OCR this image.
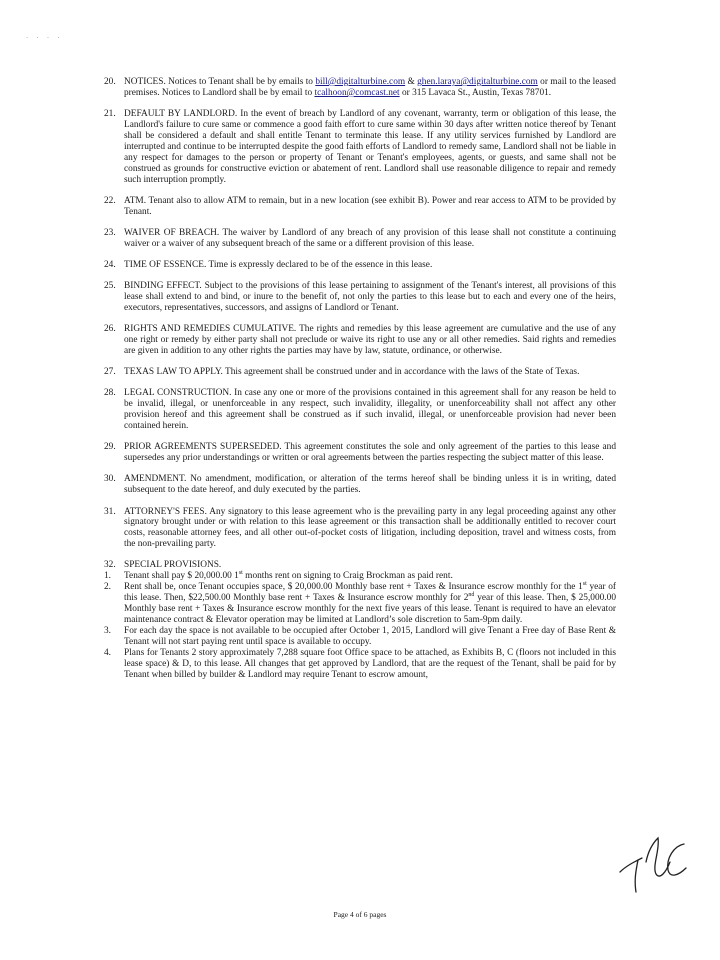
· · · ·
20. NOTICES. Notices to Tenant shall be by emails to bill@digitalturbine.com & ghen.laraya@digitalturbine.com or mail to the leased premises. Notices to Landlord shall be by email to tcalhoon@comcast.net or 315 Lavaca St., Austin, Texas 78701.
21. DEFAULT BY LANDLORD. In the event of breach by Landlord of any covenant, warranty, term or obligation of this lease, the Landlord's failure to cure same or commence a good faith effort to cure same within 30 days after written notice thereof by Tenant shall be considered a default and shall entitle Tenant to terminate this lease. If any utility services furnished by Landlord are interrupted and continue to be interrupted despite the good faith efforts of Landlord to remedy same, Landlord shall not be liable in any respect for damages to the person or property of Tenant or Tenant's employees, agents, or guests, and same shall not be construed as grounds for constructive eviction or abatement of rent. Landlord shall use reasonable diligence to repair and remedy such interruption promptly.
22. ATM. Tenant also to allow ATM to remain, but in a new location (see exhibit B). Power and rear access to ATM to be provided by Tenant.
23. WAIVER OF BREACH. The waiver by Landlord of any breach of any provision of this lease shall not constitute a continuing waiver or a waiver of any subsequent breach of the same or a different provision of this lease.
24. TIME OF ESSENCE. Time is expressly declared to be of the essence in this lease.
25. BINDING EFFECT. Subject to the provisions of this lease pertaining to assignment of the Tenant's interest, all provisions of this lease shall extend to and bind, or inure to the benefit of, not only the parties to this lease but to each and every one of the heirs, executors, representatives, successors, and assigns of Landlord or Tenant.
26. RIGHTS AND REMEDIES CUMULATIVE. The rights and remedies by this lease agreement are cumulative and the use of any one right or remedy by either party shall not preclude or waive its right to use any or all other remedies. Said rights and remedies are given in addition to any other rights the parties may have by law, statute, ordinance, or otherwise.
27. TEXAS LAW TO APPLY. This agreement shall be construed under and in accordance with the laws of the State of Texas.
28. LEGAL CONSTRUCTION. In case any one or more of the provisions contained in this agreement shall for any reason be held to be invalid, illegal, or unenforceable in any respect, such invalidity, illegality, or unenforceability shall not affect any other provision hereof and this agreement shall be construed as if such invalid, illegal, or unenforceable provision had never been contained herein.
29. PRIOR AGREEMENTS SUPERSEDED. This agreement constitutes the sole and only agreement of the parties to this lease and supersedes any prior understandings or written or oral agreements between the parties respecting the subject matter of this lease.
30. AMENDMENT. No amendment, modification, or alteration of the terms hereof shall be binding unless it is in writing, dated subsequent to the date hereof, and duly executed by the parties.
31. ATTORNEY'S FEES. Any signatory to this lease agreement who is the prevailing party in any legal proceeding against any other signatory brought under or with relation to this lease agreement or this transaction shall be additionally entitled to recover court costs, reasonable attorney fees, and all other out-of-pocket costs of litigation, including deposition, travel and witness costs, from the non-prevailing party.
32. SPECIAL PROVISIONS.
1.	Tenant shall pay $ 20,000.00 1st months rent on signing to Craig Brockman as paid rent.
2.	Rent shall be, once Tenant occupies space, $ 20,000.00 Monthly base rent + Taxes & Insurance escrow monthly for the 1st year of this lease. Then, $22,500.00 Monthly base rent + Taxes & Insurance escrow monthly for 2nd year of this lease. Then, $ 25,000.00 Monthly base rent + Taxes & Insurance escrow monthly for the next five years of this lease. Tenant is required to have an elevator maintenance contract & Elevator operation may be limited at Landlord’s sole discretion to 5am-9pm daily.
3.	For each day the space is not available to be occupied after October 1, 2015, Landlord will give Tenant a Free day of Base Rent & Tenant will not start paying rent until space is available to occupy.
4.	Plans for Tenants 2 story approximately 7,288 square foot Office space to be attached, as Exhibits B, C (floors not included in this lease space) & D, to this lease. All changes that get approved by Landlord, that are the request of the Tenant, shall be paid for by Tenant when billed by builder & Landlord may require Tenant to escrow amount,
Page 4 of 6 pages
